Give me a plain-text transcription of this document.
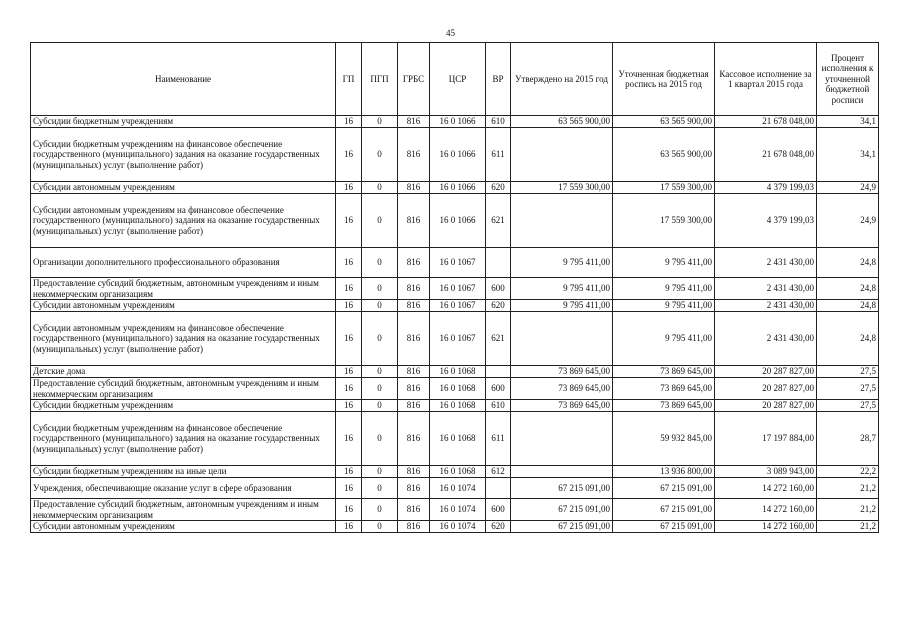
45
Наименование	ГП	ПГП	ГРБС	ЦСР	ВР	Утверждено на 2015 год	Уточненная бюджетная роспись на 2015 год	Кассовое исполнение за 1 квартал 2015 года	Процент исполнения к уточненной бюджетной росписи
Субсидии бюджетным учреждениям	16	0	816	16 0 1066	610	63 565 900,00	63 565 900,00	21 678 048,00	34,1
Субсидии бюджетным учреждениям на финансовое обеспечение государственного (муниципального) задания на оказание государственных (муниципальных) услуг (выполнение работ)	16	0	816	16 0 1066	611		63 565 900,00	21 678 048,00	34,1
Субсидии автономным учреждениям	16	0	816	16 0 1066	620	17 559 300,00	17 559 300,00	4 379 199,03	24,9
Субсидии автономным учреждениям на финансовое обеспечение государственного (муниципального) задания на оказание государственных (муниципальных) услуг (выполнение работ)	16	0	816	16 0 1066	621		17 559 300,00	4 379 199,03	24,9
Организации дополнительного профессионального образования	16	0	816	16 0 1067		9 795 411,00	9 795 411,00	2 431 430,00	24,8
Предоставление субсидий бюджетным, автономным учреждениям и иным некоммерческим организациям	16	0	816	16 0 1067	600	9 795 411,00	9 795 411,00	2 431 430,00	24,8
Субсидии автономным учреждениям	16	0	816	16 0 1067	620	9 795 411,00	9 795 411,00	2 431 430,00	24,8
Субсидии автономным учреждениям на финансовое обеспечение государственного (муниципального) задания на оказание государственных (муниципальных) услуг (выполнение работ)	16	0	816	16 0 1067	621		9 795 411,00	2 431 430,00	24,8
Детские дома	16	0	816	16 0 1068		73 869 645,00	73 869 645,00	20 287 827,00	27,5
Предоставление субсидий бюджетным, автономным учреждениям и иным некоммерческим организациям	16	0	816	16 0 1068	600	73 869 645,00	73 869 645,00	20 287 827,00	27,5
Субсидии бюджетным учреждениям	16	0	816	16 0 1068	610	73 869 645,00	73 869 645,00	20 287 827,00	27,5
Субсидии бюджетным учреждениям на финансовое обеспечение государственного (муниципального) задания на оказание государственных (муниципальных) услуг (выполнение работ)	16	0	816	16 0 1068	611		59 932 845,00	17 197 884,00	28,7
Субсидии бюджетным учреждениям на иные цели	16	0	816	16 0 1068	612		13 936 800,00	3 089 943,00	22,2
Учреждения, обеспечивающие оказание услуг в сфере образования	16	0	816	16 0 1074		67 215 091,00	67 215 091,00	14 272 160,00	21,2
Предоставление субсидий бюджетным, автономным учреждениям и иным некоммерческим организациям	16	0	816	16 0 1074	600	67 215 091,00	67 215 091,00	14 272 160,00	21,2
Субсидии автономным учреждениям	16	0	816	16 0 1074	620	67 215 091,00	67 215 091,00	14 272 160,00	21,2
